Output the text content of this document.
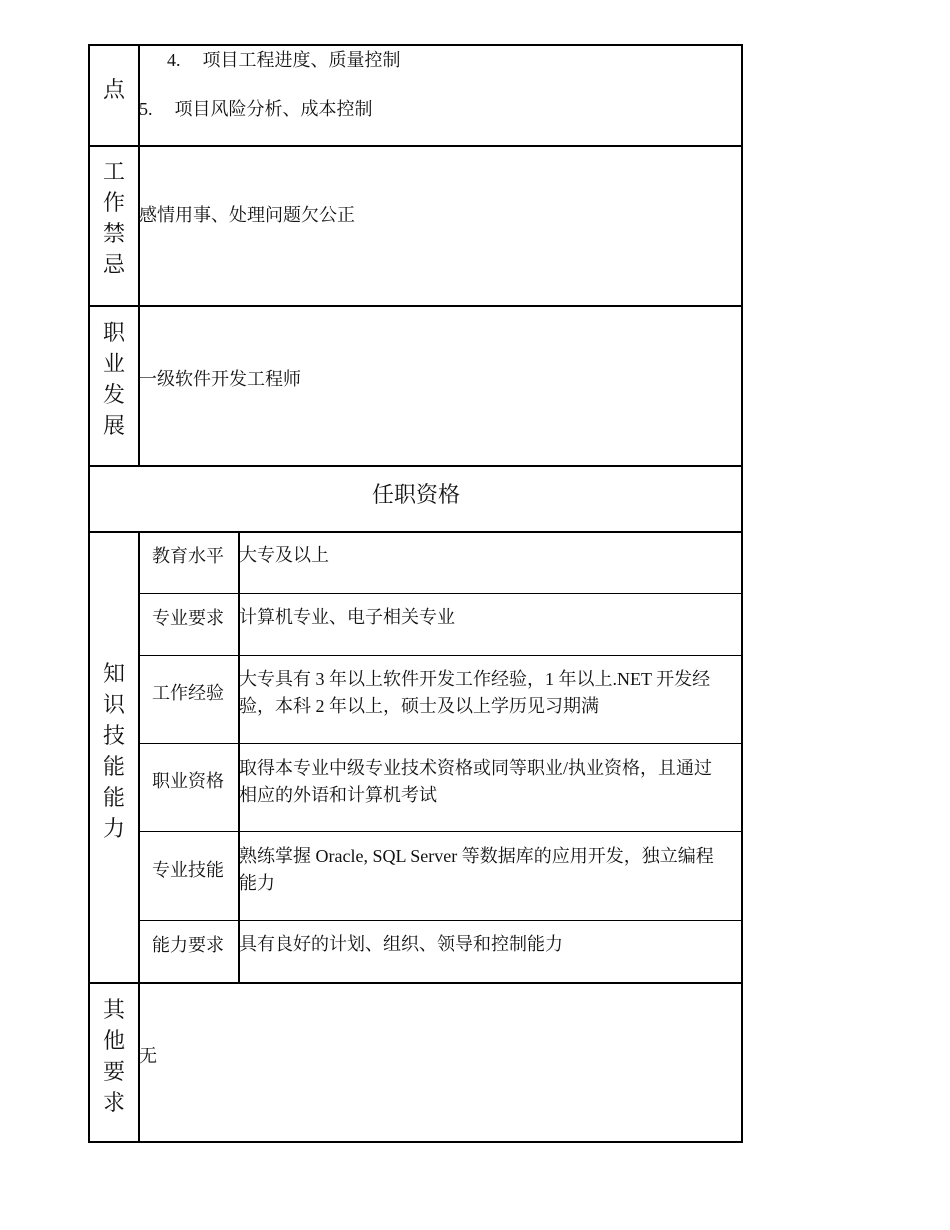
点
4. 项目工程进度、质量控制
5. 项目风险分析、成本控制
工
作
禁
忌
感情用事、处理问题欠公正
职
业
发
展
一级软件开发工程师
任职资格
知
识
技
能
能
力
教育水平 大专及以上
专业要求 计算机专业、电子相关专业
工作经验
大专具有 3 年以上软件开发工作经验，1 年以上.NET 开发经
验，本科 2 年以上，硕士及以上学历见习期满
职业资格
取得本专业中级专业技术资格或同等职业/执业资格，且通过
相应的外语和计算机考试
专业技能
熟练掌握 Oracle, SQL Server 等数据库的应用开发，独立编程
能力
能力要求 具有良好的计划、组织、领导和控制能力
其
他
要
求
无
